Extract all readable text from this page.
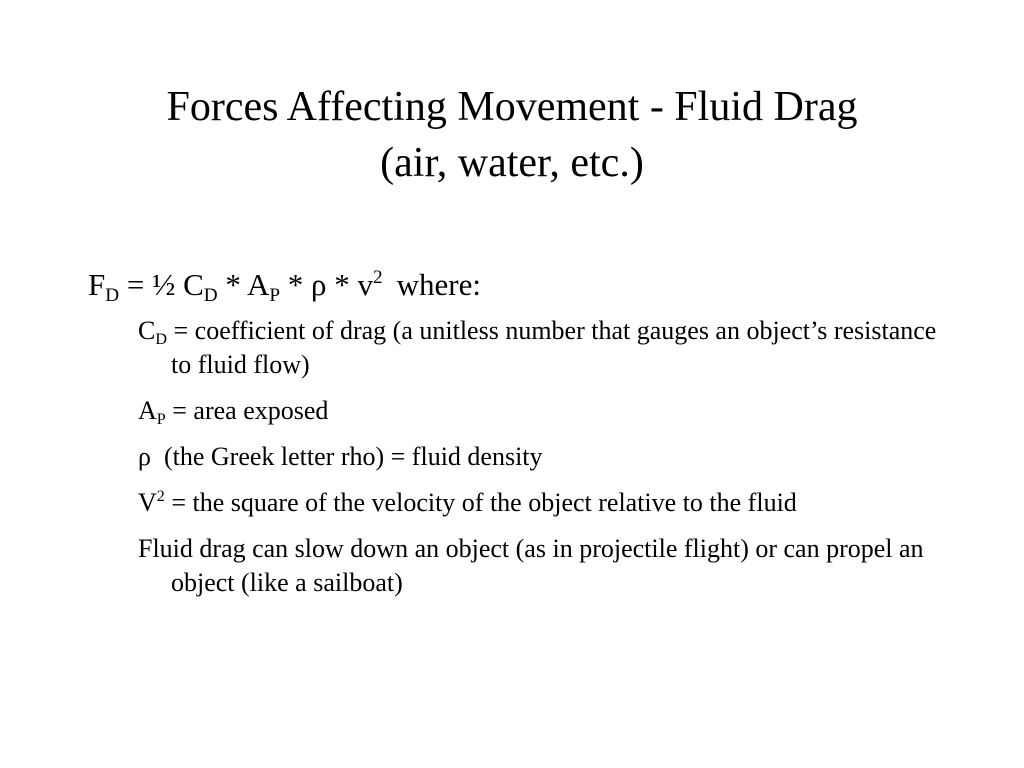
Forces Affecting Movement - Fluid Drag
(air, water, etc.)
$F_D$ = ½ $C_D * A_P$ * ρ * $v^2$ where:
$C_D$ = coefficient of drag (a unitless number that gauges an object’s resistance to fluid flow)
$A_P$ = area exposed
ρ  (the Greek letter rho) = fluid density
$V^2$ = the square of the velocity of the object relative to the fluid
Fluid drag can slow down an object (as in projectile flight) or can propel an object (like a sailboat)
